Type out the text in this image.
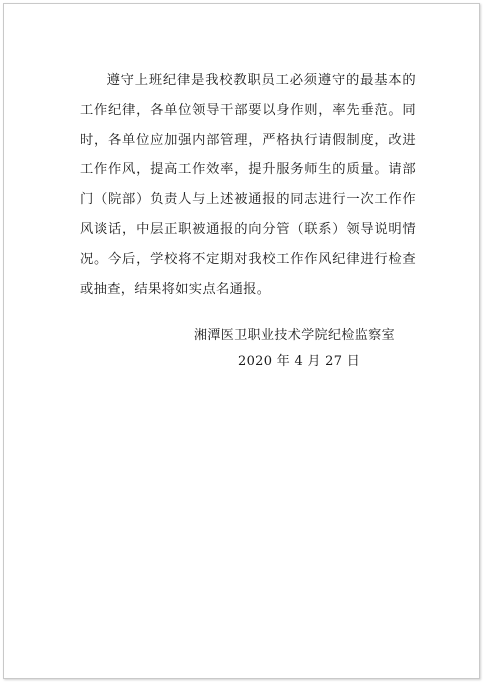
遵守上班纪律是我校教职员工必须遵守的最基本的工作纪律，各单位领导干部要以身作则，率先垂范。同时，各单位应加强内部管理，严格执行请假制度，改进工作作风，提高工作效率，提升服务师生的质量。请部门（院部）负责人与上述被通报的同志进行一次工作作风谈话，中层正职被通报的向分管（联系）领导说明情况。今后，学校将不定期对我校工作作风纪律进行检查或抽查，结果将如实点名通报。

湘潭医卫职业技术学院纪检监察室
2020 年 4 月 27 日
